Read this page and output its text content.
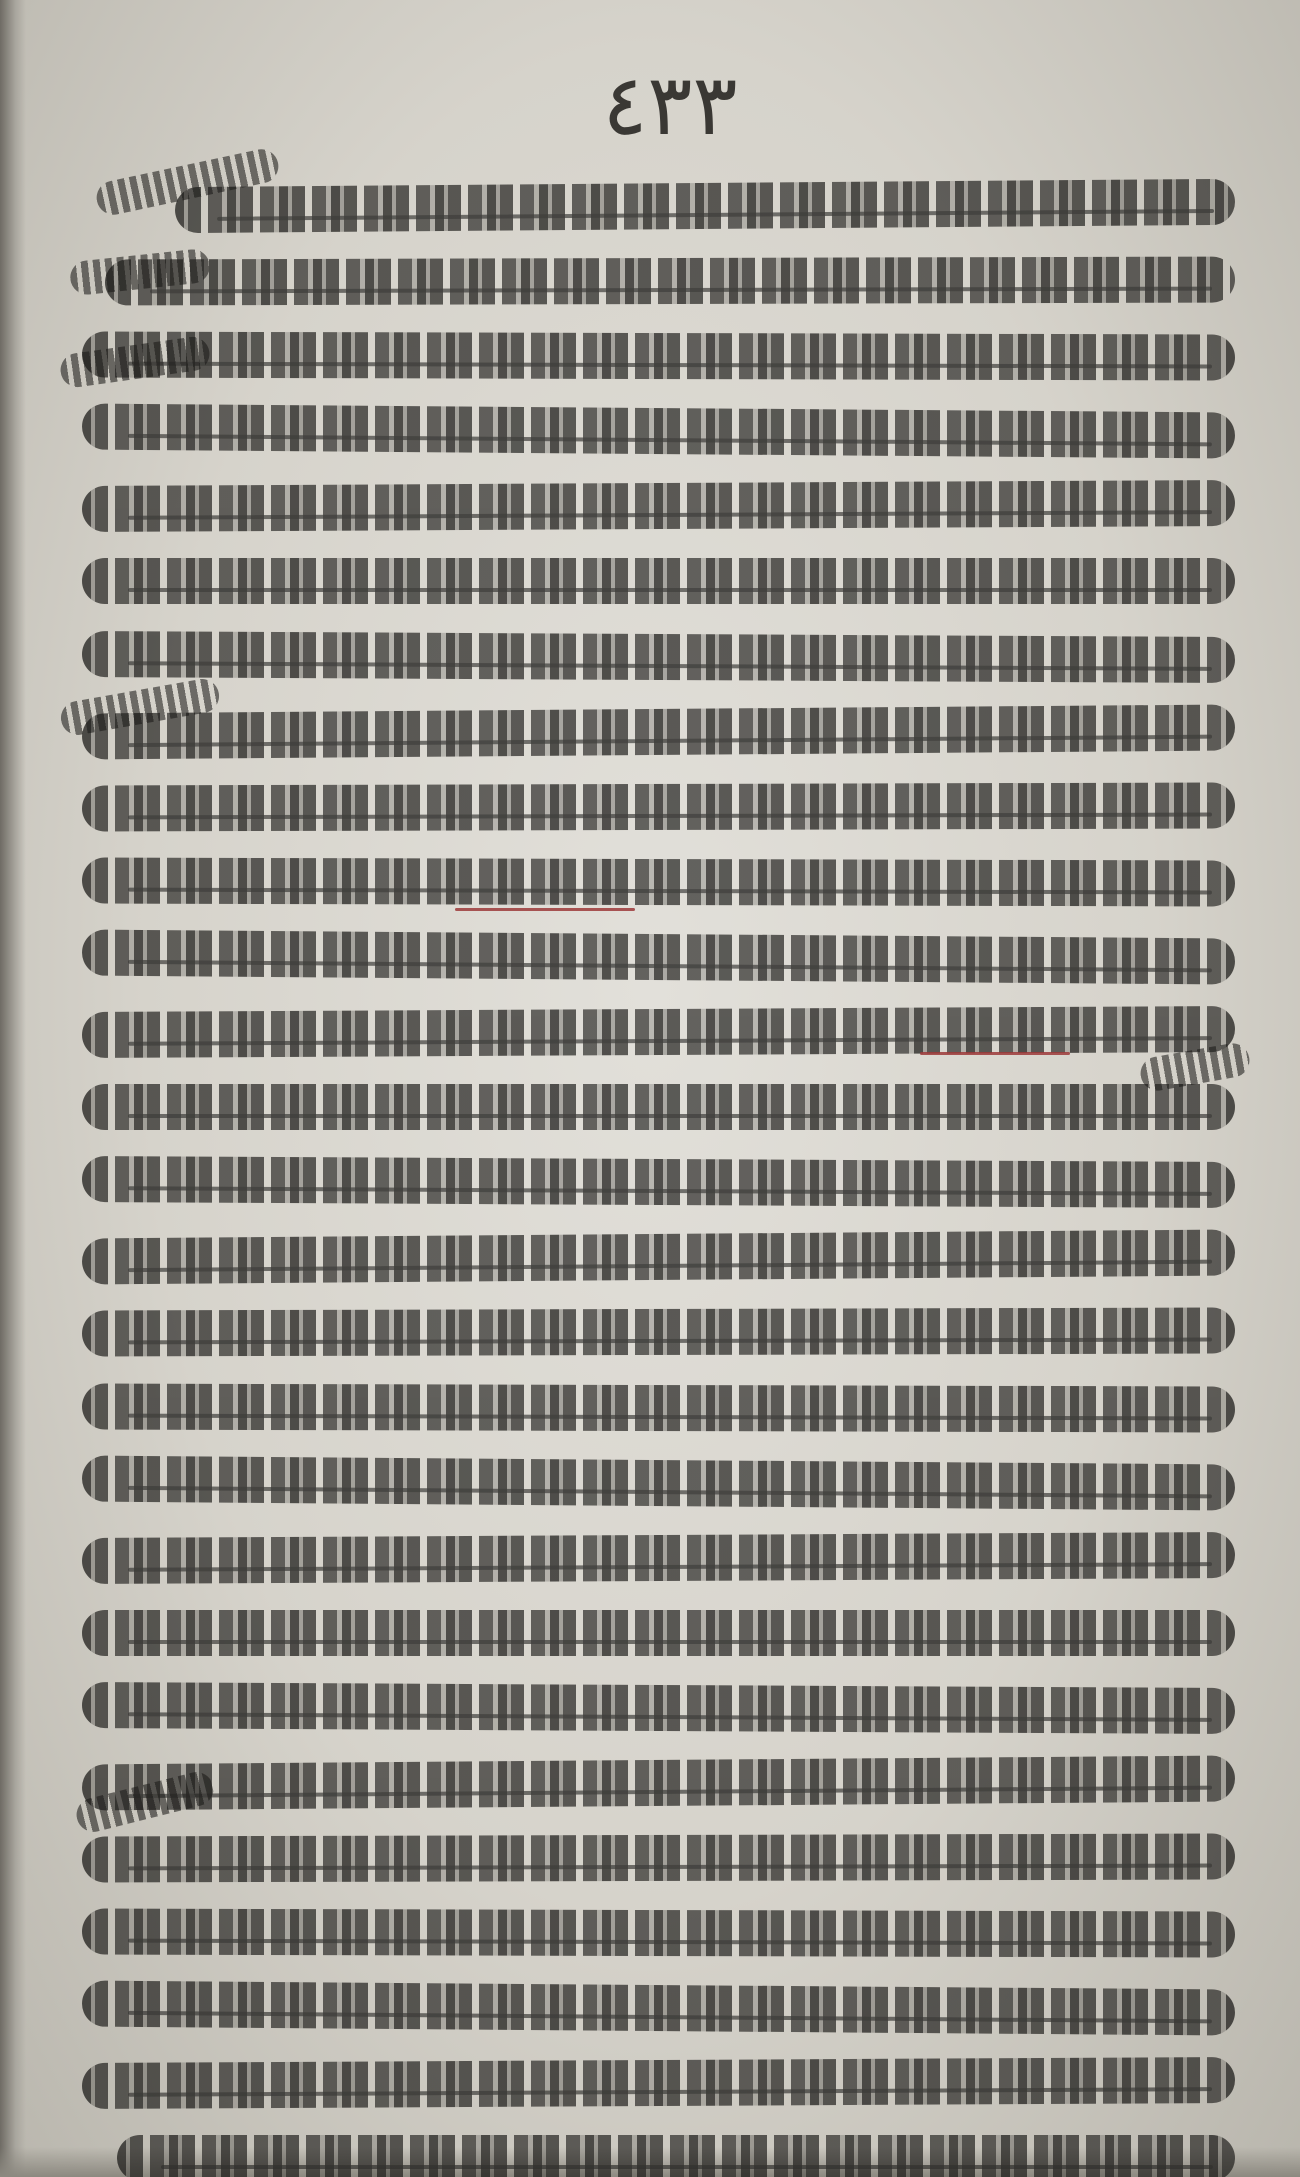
٤٣٣
